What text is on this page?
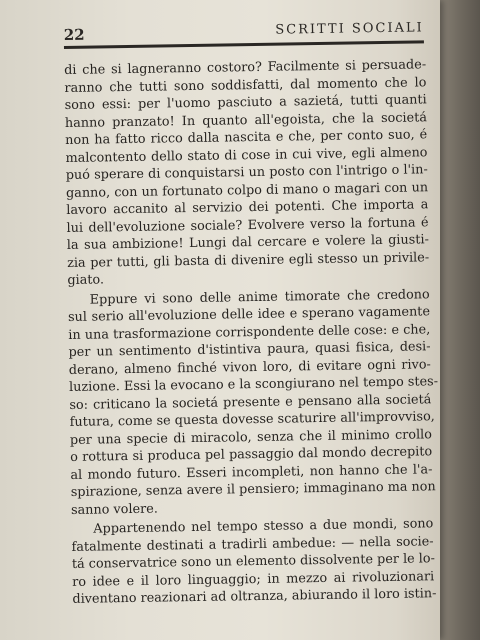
22	SCRITTI SOCIALI
di che si lagneranno costoro? Facilmente si persuade-
ranno che tutti sono soddisfatti, dal momento che lo
sono essi: per l'uomo pasciuto a sazietá, tutti quanti
hanno pranzato! In quanto all'egoista, che la societá
non ha fatto ricco dalla nascita e che, per conto suo, é
malcontento dello stato di cose in cui vive, egli almeno
puó sperare di conquistarsi un posto con l'intrigo o l'in-
ganno, con un fortunato colpo di mano o magari con un
lavoro accanito al servizio dei potenti. Che importa a
lui dell'evoluzione sociale? Evolvere verso la fortuna é
la sua ambizione! Lungi dal cercare e volere la giusti-
zia per tutti, gli basta di divenire egli stesso un privile-
giato.
Eppure vi sono delle anime timorate che credono
sul serio all'evoluzione delle idee e sperano vagamente
in una trasformazione corrispondente delle cose: e che,
per un sentimento d'istintiva paura, quasi fisica, desi-
derano, almeno finché vivon loro, di evitare ogni rivo-
luzione. Essi la evocano e la scongiurano nel tempo stes-
so: criticano la societá presente e pensano alla societá
futura, come se questa dovesse scaturire all'improvviso,
per una specie di miracolo, senza che il minimo crollo
o rottura si produca pel passaggio dal mondo decrepito
al mondo futuro. Esseri incompleti, non hanno che l'a-
spirazione, senza avere il pensiero; immaginano ma non
sanno volere.
Appartenendo nel tempo stesso a due mondi, sono
fatalmente destinati a tradirli ambedue: — nella socie-
tá conservatrice sono un elemento dissolvente per le lo-
ro idee e il loro linguaggio; in mezzo ai rivoluzionari
diventano reazionari ad oltranza, abiurando il loro istin-
